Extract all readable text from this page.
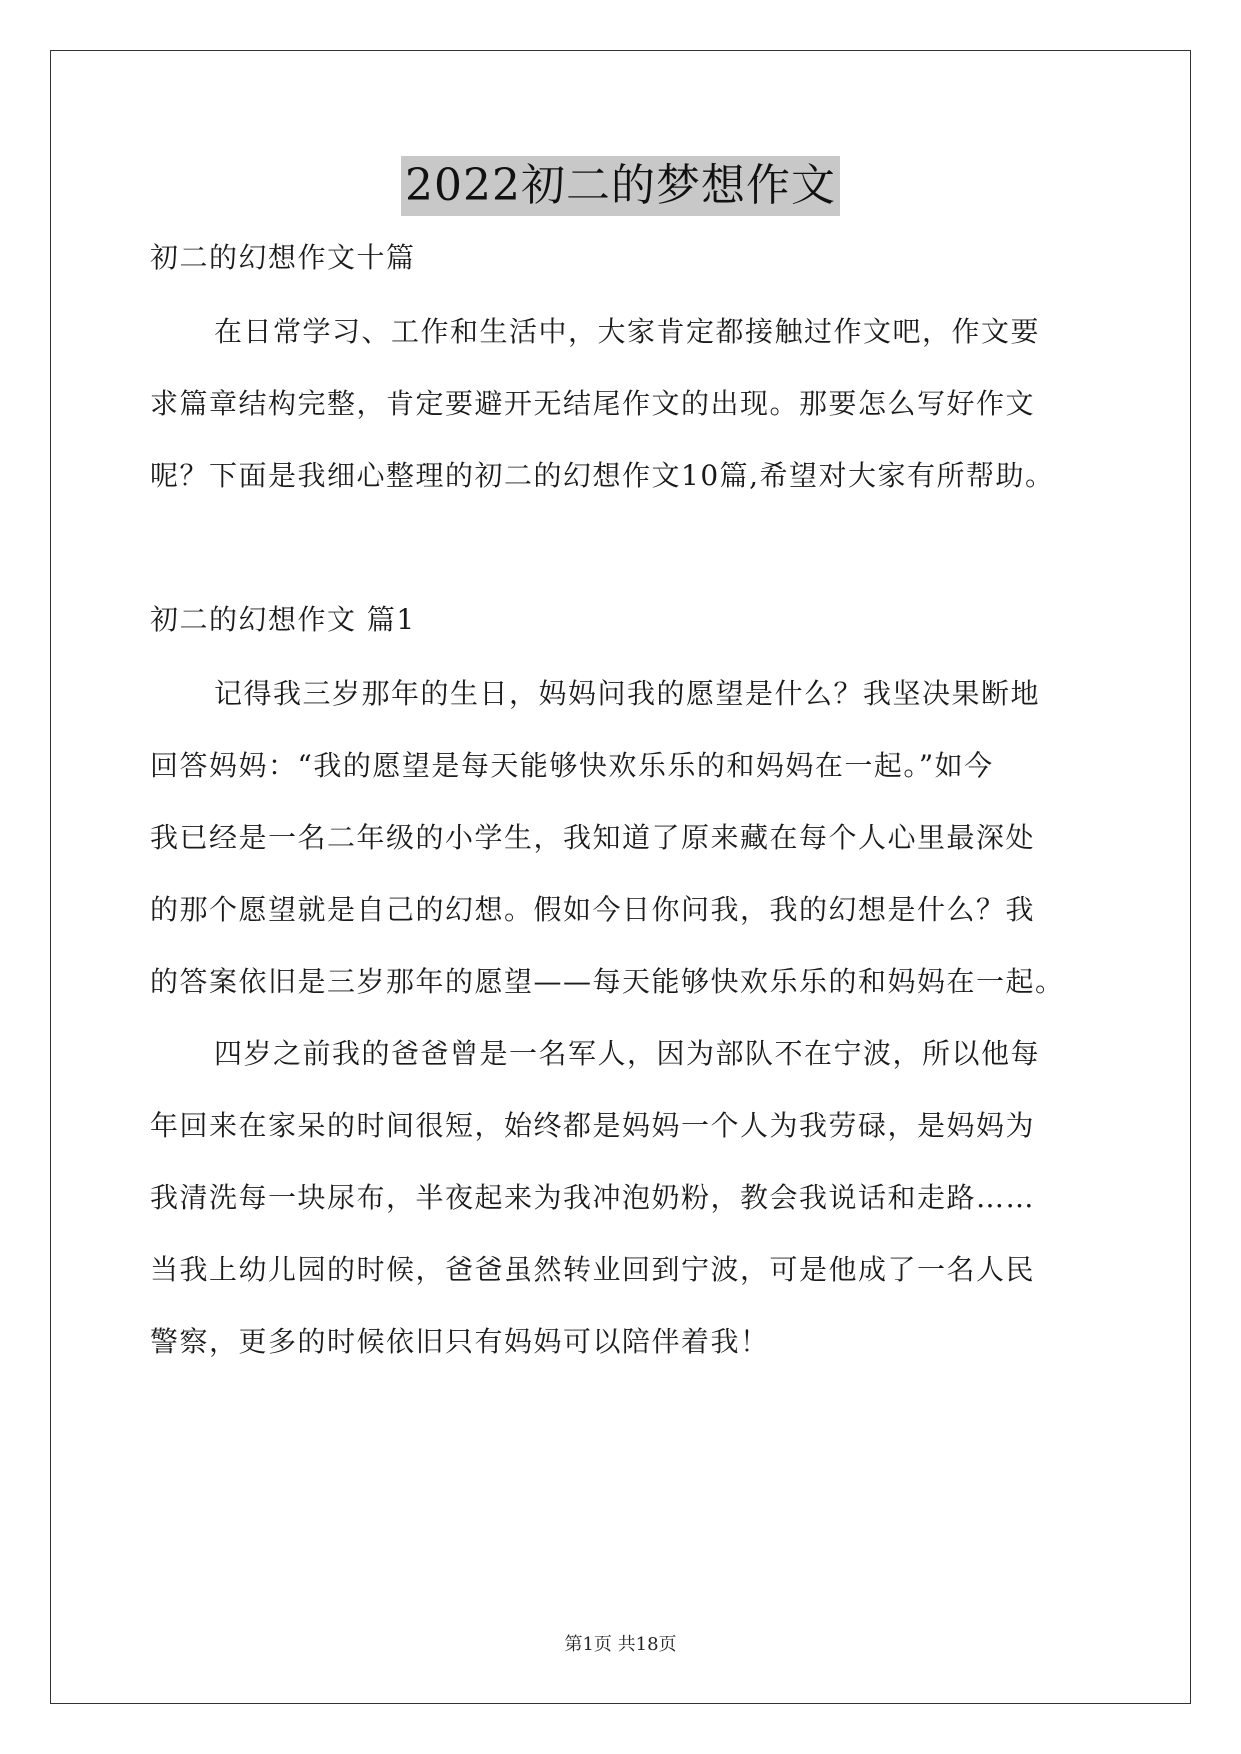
2022初二的梦想作文
初二的幻想作文十篇
在日常学习、工作和生活中，大家肯定都接触过作文吧，作文要
求篇章结构完整，肯定要避开无结尾作文的出现。那要怎么写好作文
呢？下面是我细心整理的初二的幻想作文10篇,希望对大家有所帮助。
初二的幻想作文 篇1
记得我三岁那年的生日，妈妈问我的愿望是什么？我坚决果断地
回答妈妈：“我的愿望是每天能够快欢乐乐的和妈妈在一起。”如今
我已经是一名二年级的小学生，我知道了原来藏在每个人心里最深处
的那个愿望就是自己的幻想。假如今日你问我，我的幻想是什么？我
的答案依旧是三岁那年的愿望——每天能够快欢乐乐的和妈妈在一起。
四岁之前我的爸爸曾是一名军人，因为部队不在宁波，所以他每
年回来在家呆的时间很短，始终都是妈妈一个人为我劳碌，是妈妈为
我清洗每一块尿布，半夜起来为我冲泡奶粉，教会我说话和走路……
当我上幼儿园的时候，爸爸虽然转业回到宁波，可是他成了一名人民
警察，更多的时候依旧只有妈妈可以陪伴着我！
第1页 共18页
